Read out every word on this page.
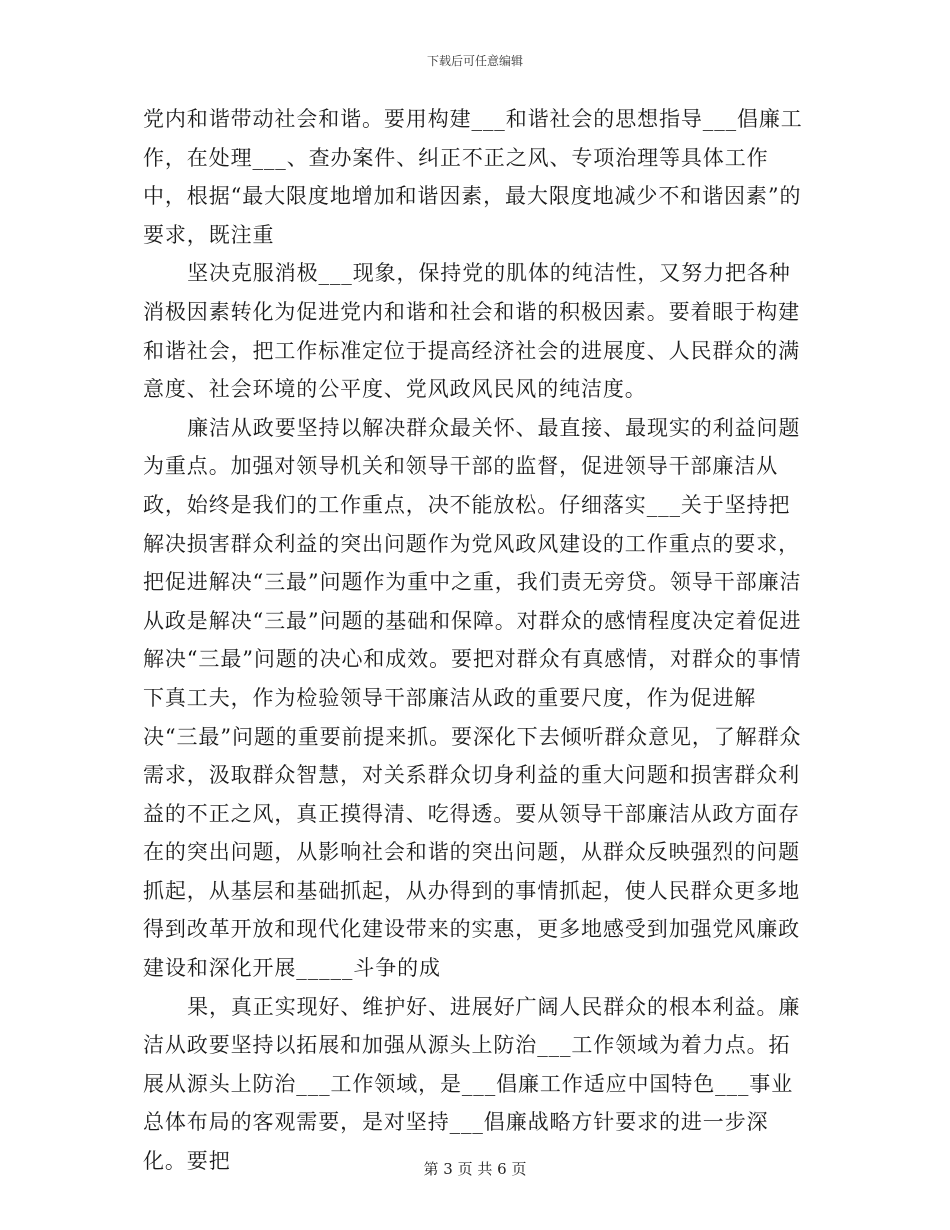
下载后可任意编辑

党内和谐带动社会和谐。要用构建___和谐社会的思想指导___倡廉工作，在处理___、查办案件、纠正不正之风、专项治理等具体工作中，根据“最大限度地增加和谐因素，最大限度地减少不和谐因素”的要求，既注重

坚决克服消极___现象，保持党的肌体的纯洁性，又努力把各种消极因素转化为促进党内和谐和社会和谐的积极因素。要着眼于构建和谐社会，把工作标准定位于提高经济社会的进展度、人民群众的满意度、社会环境的公平度、党风政风民风的纯洁度。

廉洁从政要坚持以解决群众最关怀、最直接、最现实的利益问题为重点。加强对领导机关和领导干部的监督，促进领导干部廉洁从政，始终是我们的工作重点，决不能放松。仔细落实___关于坚持把解决损害群众利益的突出问题作为党风政风建设的工作重点的要求，把促进解决“三最”问题作为重中之重，我们责无旁贷。领导干部廉洁从政是解决“三最”问题的基础和保障。对群众的感情程度决定着促进解决“三最”问题的决心和成效。要把对群众有真感情，对群众的事情下真工夫，作为检验领导干部廉洁从政的重要尺度，作为促进解决“三最”问题的重要前提来抓。要深化下去倾听群众意见，了解群众需求，汲取群众智慧，对关系群众切身利益的重大问题和损害群众利益的不正之风，真正摸得清、吃得透。要从领导干部廉洁从政方面存在的突出问题，从影响社会和谐的突出问题，从群众反映强烈的问题抓起，从基层和基础抓起，从办得到的事情抓起，使人民群众更多地得到改革开放和现代化建设带来的实惠，更多地感受到加强党风廉政建设和深化开展_____斗争的成

果，真正实现好、维护好、进展好广阔人民群众的根本利益。廉洁从政要坚持以拓展和加强从源头上防治___工作领域为着力点。拓展从源头上防治___工作领域，是___倡廉工作适应中国特色___事业总体布局的客观需要，是对坚持___倡廉战略方针要求的进一步深化。要把	第 3 页 共 6 页
